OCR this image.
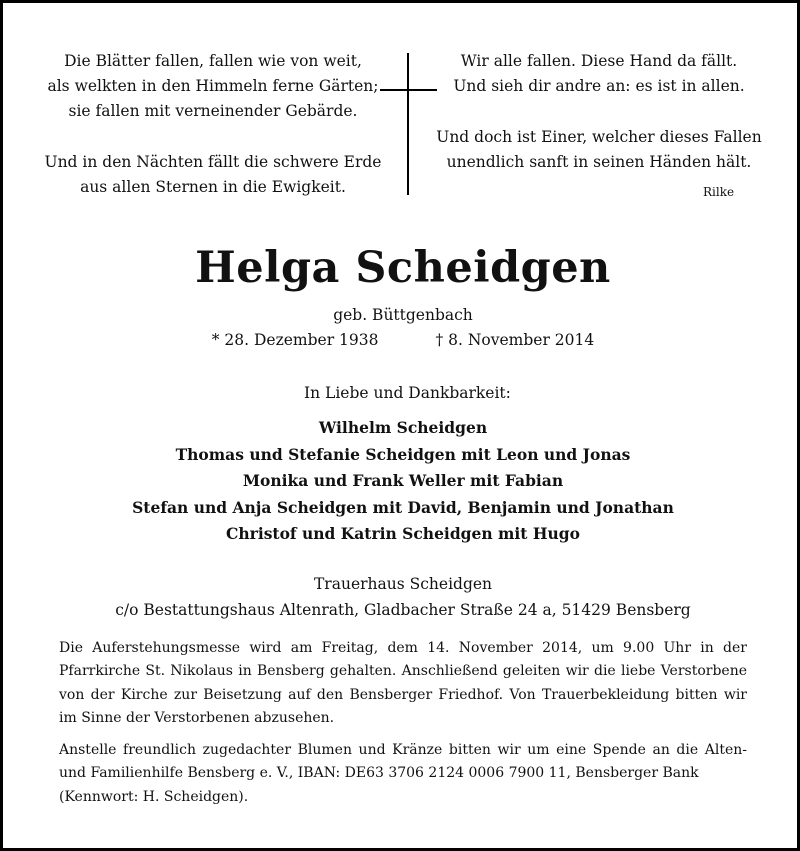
Die Blätter fallen, fallen wie von weit,
als welkten in den Himmeln ferne Gärten;
sie fallen mit verneinender Gebärde.
Und in den Nächten fällt die schwere Erde
aus allen Sternen in die Ewigkeit.
Wir alle fallen. Diese Hand da fällt.
Und sieh dir andre an: es ist in allen.
Und doch ist Einer, welcher dieses Fallen
unendlich sanft in seinen Händen hält.
Rilke
Helga Scheidgen
geb. Büttgenbach
* 28. Dezember 1938	† 8. November 2014
In Liebe und Dankbarkeit:
Wilhelm Scheidgen
Thomas und Stefanie Scheidgen mit Leon und Jonas
Monika und Frank Weller mit Fabian
Stefan und Anja Scheidgen mit David, Benjamin und Jonathan
Christof und Katrin Scheidgen mit Hugo
Trauerhaus Scheidgen
c/o Bestattungshaus Altenrath, Gladbacher Straße 24 a, 51429 Bensberg
Die Auferstehungsmesse wird am Freitag, dem 14. November 2014, um 9.00 Uhr in der Pfarrkirche St. Nikolaus in Bensberg gehalten. Anschließend geleiten wir die liebe Verstorbene von der Kirche zur Beisetzung auf den Bensberger Friedhof. Von Trauerbekleidung bitten wir im Sinne der Verstorbenen abzusehen.
Anstelle freundlich zugedachter Blumen und Kränze bitten wir um eine Spende an die Alten- und Familienhilfe Bensberg e. V., IBAN: DE63 3706 2124 0006 7900 11, Bensberger Bank
(Kennwort: H. Scheidgen).
